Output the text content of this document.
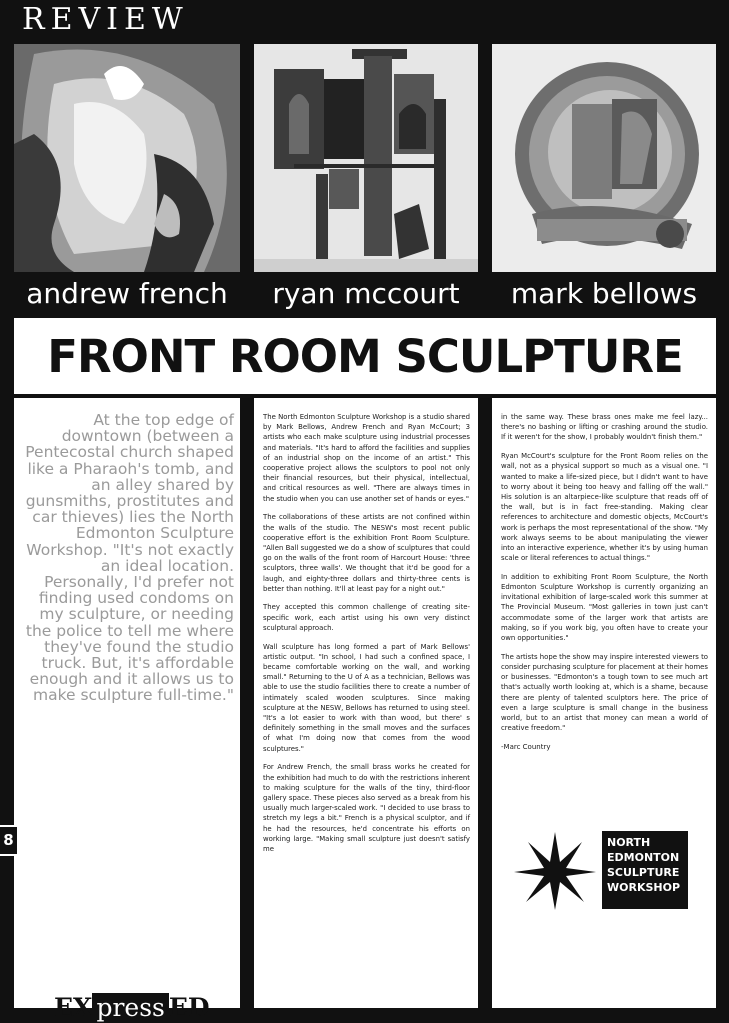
REVIEW
andrew french	ryan mccourt	mark bellows
FRONT ROOM SCULPTURE
At the top edge of downtown (between a Pentecostal church shaped like a Pharaoh's tomb, and an alley shared by gunsmiths, prostitutes and car thieves) lies the North Edmonton Sculpture Workshop. "It's not exactly an ideal location. Personally, I'd prefer not finding used condoms on my sculpture, or needing the police to tell me where they've found the studio truck. But, it's affordable enough and it allows us to make sculpture full-time."

The North Edmonton Sculpture Workshop is a studio shared by Mark Bellows, Andrew French and Ryan McCourt; 3 artists who each make sculpture using industrial processes and materials. "It's hard to afford the facilities and supplies of an industrial shop on the income of an artist." This cooperative project allows the sculptors to pool not only their financial resources, but their physical, intellectual, and critical resources as well. "There are always times in the studio when you can use another set of hands or eyes."

The collaborations of these artists are not confined within the walls of the studio. The NESW's most recent public cooperative effort is the exhibition Front Room Sculpture. "Allen Ball suggested we do a show of sculptures that could go on the walls of the front room of Harcourt House: 'three sculptors, three walls'. We thought that it'd be good for a laugh, and eighty-three dollars and thirty-three cents is better than nothing. It'll at least pay for a night out."

They accepted this common challenge of creating site-specific work, each artist using his own very distinct sculptural approach.

Wall sculpture has long formed a part of Mark Bellows' artistic output. "In school, I had such a confined space, I became comfortable working on the wall, and working small." Returning to the U of A as a technician, Bellows was able to use the studio facilities there to create a number of intimately scaled wooden sculptures. Since making sculpture at the NESW, Bellows has returned to using steel. "It's a lot easier to work with than wood, but there' s definitely something in the small moves and the surfaces of what I'm doing now that comes from the wood sculptures."

For Andrew French, the small brass works he created for the exhibition had much to do with the restrictions inherent to making sculpture for the walls of the tiny, third-floor gallery space. These pieces also served as a break from his usually much larger-scaled work. "I decided to use brass to stretch my legs a bit." French is a physical sculptor, and if he had the resources, he'd concentrate his efforts on working large. "Making small sculpture just doesn't satisfy me

in the same way. These brass ones make me feel lazy... there's no bashing or lifting or crashing around the studio. If it weren't for the show, I probably wouldn't finish them."

Ryan McCourt's sculpture for the Front Room relies on the wall, not as a physical support so much as a visual one. "I wanted to make a life-sized piece, but I didn't want to have to worry about it being too heavy and falling off the wall." His solution is an altarpiece-like sculpture that reads off of the wall, but is in fact free-standing. Making clear references to architecture and domestic objects, McCourt's work is perhaps the most representational of the show. "My work always seems to be about manipulating the viewer into an interactive experience, whether it's by using human scale or literal references to actual things."

In addition to exhibiting Front Room Sculpture, the North Edmonton Sculpture Workshop is currently organizing an invitational exhibition of large-scaled work this summer at The Provincial Museum. "Most galleries in town just can't accommodate some of the larger work that artists are making, so if you work big, you often have to create your own opportunities."

The artists hope the show may inspire interested viewers to consider purchasing sculpture for placement at their homes or businesses. "Edmonton's a tough town to see much art that's actually worth looking at, which is a shame, because there are plenty of talented sculptors here. The price of even a large sculpture is small change in the business world, but to an artist that money can mean a world of creative freedom."

-Marc Country
NORTH
EDMONTON
SCULPTURE
WORKSHOP
8
EX press ED
